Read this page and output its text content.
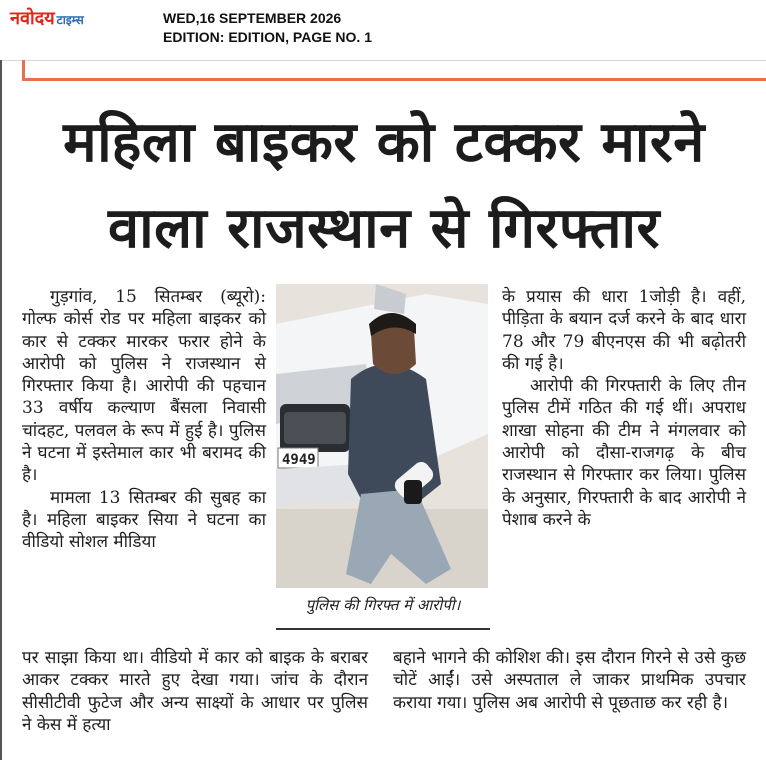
नवोदय टाइम्स	WED,16 SEPTEMBER 2026
EDITION: EDITION, PAGE NO. 1
महिला बाइकर को टक्कर मारने
वाला राजस्थान से गिरफ्तार

गुड़गांव, 15 सितम्बर (ब्यूरो): गोल्फ कोर्स रोड पर महिला बाइकर को कार से टक्कर मारकर फरार होने के आरोपी को पुलिस ने राजस्थान से गिरफ्तार किया है। आरोपी की पहचान 33 वर्षीय कल्याण बैंसला निवासी चांदहट, पलवल के रूप में हुई है। पुलिस ने घटना में इस्तेमाल कार भी बरामद की है।

मामला 13 सितम्बर की सुबह का है। महिला बाइकर सिया ने घटना का वीडियो सोशल मीडिया

4949
पुलिस की गिरफ्त में आरोपी।

के प्रयास की धारा 1जोड़ी है। वहीं, पीड़िता के बयान दर्ज करने के बाद धारा 78 और 79 बीएनएस की भी बढ़ोतरी की गई है।

आरोपी की गिरफ्तारी के लिए तीन पुलिस टीमें गठित की गई थीं। अपराध शाखा सोहना की टीम ने मंगलवार को आरोपी को दौसा-राजगढ़ के बीच राजस्थान से गिरफ्तार कर लिया। पुलिस के अनुसार, गिरफ्तारी के बाद आरोपी ने पेशाब करने के

पर साझा किया था। वीडियो में कार को बाइक के बराबर आकर टक्कर मारते हुए देखा गया। जांच के दौरान सीसीटीवी फुटेज और अन्य साक्ष्यों के आधार पर पुलिस ने केस में हत्या

बहाने भागने की कोशिश की। इस दौरान गिरने से उसे कुछ चोटें आईं। उसे अस्पताल ले जाकर प्राथमिक उपचार कराया गया। पुलिस अब आरोपी से पूछताछ कर रही है।
